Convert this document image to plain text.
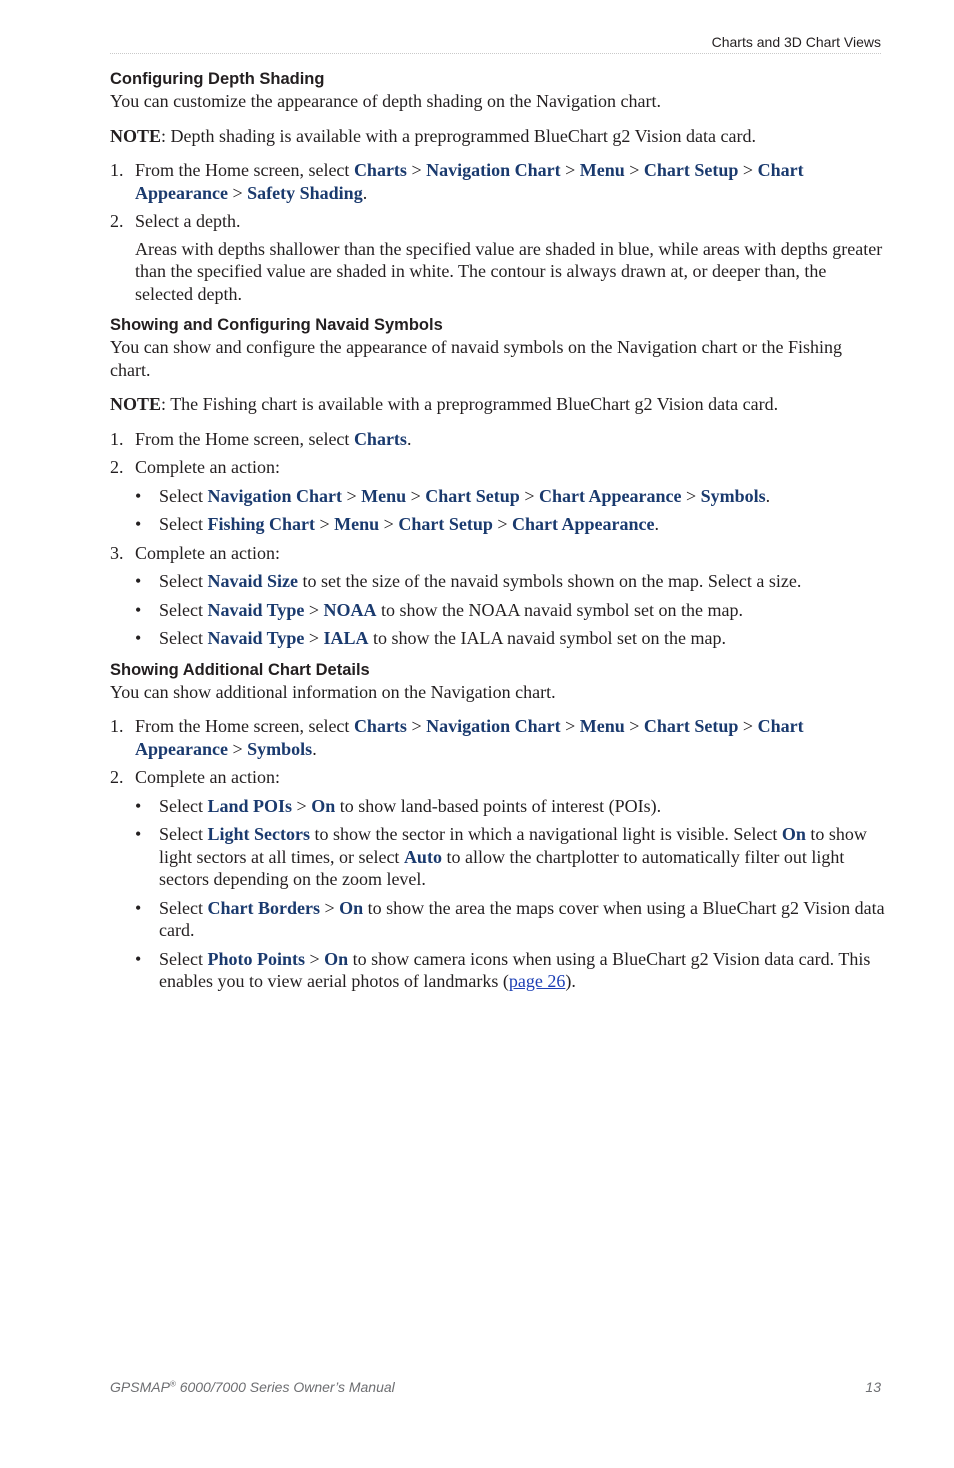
Charts and 3D Chart Views
Configuring Depth Shading

You can customize the appearance of depth shading on the Navigation chart.

NOTE: Depth shading is available with a preprogrammed BlueChart g2 Vision data card.

1. From the Home screen, select Charts > Navigation Chart > Menu > Chart Setup > Chart Appearance > Safety Shading.
2. Select a depth.

Areas with depths shallower than the specified value are shaded in blue, while areas with depths greater than the specified value are shaded in white. The contour is always drawn at, or deeper than, the selected depth.

Showing and Configuring Navaid Symbols

You can show and configure the appearance of navaid symbols on the Navigation chart or the Fishing chart.

NOTE: The Fishing chart is available with a preprogrammed BlueChart g2 Vision data card.

1. From the Home screen, select Charts.
2. Complete an action:
• Select Navigation Chart > Menu > Chart Setup > Chart Appearance > Symbols.
• Select Fishing Chart > Menu > Chart Setup > Chart Appearance.
3. Complete an action:
• Select Navaid Size to set the size of the navaid symbols shown on the map. Select a size.
• Select Navaid Type > NOAA to show the NOAA navaid symbol set on the map.
• Select Navaid Type > IALA to show the IALA navaid symbol set on the map.
Showing Additional Chart Details

You can show additional information on the Navigation chart.

1. From the Home screen, select Charts > Navigation Chart > Menu > Chart Setup > Chart Appearance > Symbols.
2. Complete an action:
• Select Land POIs > On to show land-based points of interest (POIs).
• Select Light Sectors to show the sector in which a navigational light is visible. Select On to show light sectors at all times, or select Auto to allow the chartplotter to automatically filter out light sectors depending on the zoom level.
• Select Chart Borders > On to show the area the maps cover when using a BlueChart g2 Vision data card.
• Select Photo Points > On to show camera icons when using a BlueChart g2 Vision data card. This enables you to view aerial photos of landmarks (page 26).
GPSMAP® 6000/7000 Series Owner’s Manual	13
